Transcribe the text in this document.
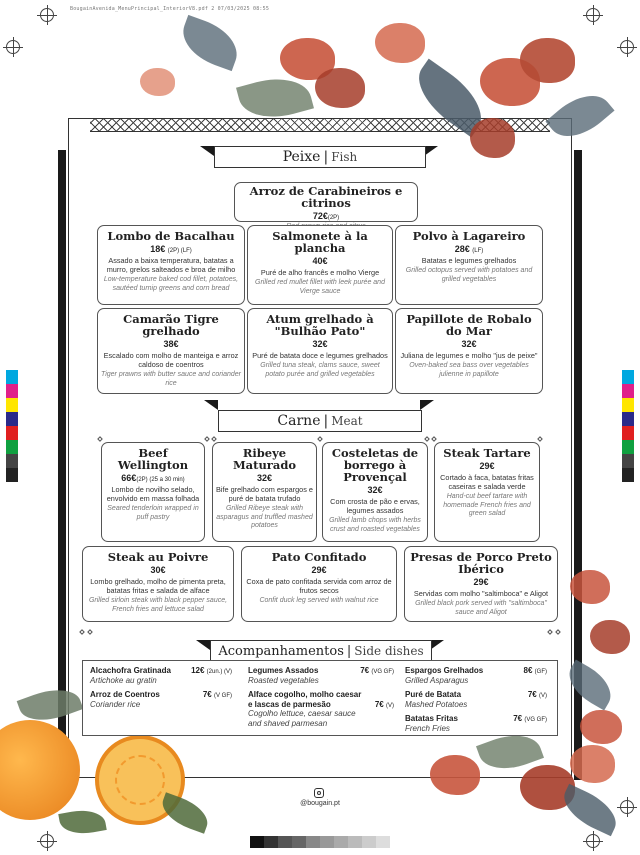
BougainAvenida_MenuPrincipal_InteriorV8.pdf 2 07/03/2025 08:55
Peixe | Fish
Arroz de Carabineiros e citrinos
72€(2P)
Lombo de Bacalhau
18€ (2P) (LF)
Assado a baixa temperatura, batatas a murro, grelos salteados e broa de milho
Low-temperature baked cod fillet, potatoes, sautéed turnip greens and corn bread
Salmonete à la plancha
40€
Puré de alho francês e molho Vierge
Grilled red mullet fillet with leek purée and Vierge sauce
Polvo à Lagareiro
28€ (LF)
Batatas e legumes grelhados
Grilled octopus served with potatoes and grilled vegetables
Camarão Tigre grelhado
38€
Escalado com molho de manteiga e arroz caldoso de coentros
Tiger prawns with butter sauce and coriander rice
Atum grelhado à "Bulhão Pato"
32€
Puré de batata doce e legumes grelhados
Grilled tuna steak, clams sauce, sweet potato purée and grilled vegetables
Papillote de Robalo do Mar
32€
Juliana de legumes e molho "jus de peixe"
Oven-baked sea bass over vegetables julienne in papillote
Carne | Meat
Beef Wellington
66€(2P) (25 a 30 min)
Lombo de novilho selado, envolvido em massa folhada
Seared tenderloin wrapped in puff pastry
Ribeye Maturado
32€
Bife grelhado com espargos e puré de batata trufado
Grilled Ribeye steak with asparagus and truffled mashed potatoes
Costeletas de borrego à Provençal
32€
Com crosta de pão e ervas, legumes assados
Grilled lamb chops with herbs crust and roasted vegetables
Steak Tartare
29€
Cortado à faca, batatas fritas caseiras e salada verde
Hand-cut beef tartare with homemade French fries and green salad
Steak au Poivre
30€
Lombo grelhado, molho de pimenta preta, batatas fritas e salada de alface
Grilled sirloin steak with black pepper sauce, French fries and lettuce salad
Pato Confitado
29€
Coxa de pato confitada servida com arroz de frutos secos
Confit duck leg served with walnut rice
Presas de Porco Preto Ibérico
29€
Servidas com molho "saltimboca" e Aligot
Grilled black pork served with "saltimboca" sauce and Aligot
Acompanhamentos | Side dishes
Alcachofra Gratinada
Artichoke au gratin
12€ (2un.) (V)
Arroz de Coentros
Coriander rice
7€ (V GF)
Legumes Assados
Roasted vegetables
7€ (VG GF)
Alface cogolho, molho caesar e lascas de parmesão
Cogolho lettuce, caesar sauce and shaved parmesan
7€ (V)
Espargos Grelhados
Grilled Asparagus
8€ (GF)
Puré de Batata
Mashed Potatoes
7€ (V)
Batatas Fritas
French Fries
7€ (VG GF)
@bougain.pt
